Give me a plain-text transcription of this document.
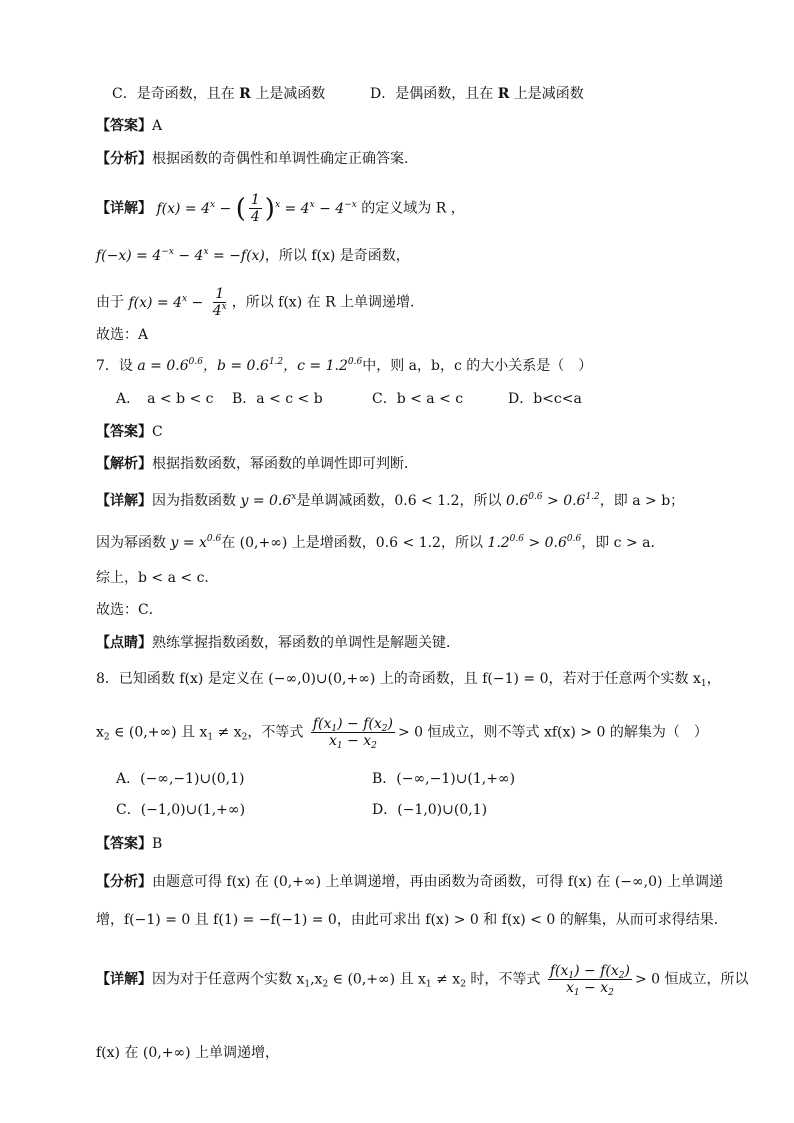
C．是奇函数，且在 R 上是减函数	D．是偶函数，且在 R 上是减函数
【答案】A
【分析】根据函数的奇偶性和单调性确定正确答案.
【详解】 $f(x) = 4^x$ − ( $\frac{1}{4} )^x = 4^x - 4^{-x}$ 的定义域为 R ，
$f(-x) = 4^{-x} - 4^x = -f(x)$，所以 f(x) 是奇函数，
由于 $f(x) = 4^x - \frac{1}{4^x}$ ，所以 f(x) 在 R 上单调递增.
故选：A
7．设 $a = 0.6^{0.6}$，$b = 0.6^{1.2}$，$c = 1.2^{0.6}$中，则 a，b，c 的大小关系是（　）
A．　a < b < c B．a < c < b	C．b < a < c	D．b<c<a
【答案】C
【解析】根据指数函数，幂函数的单调性即可判断．
【详解】因为指数函数 $y = 0.6^x$是单调减函数，0.6 < 1.2，所以 $0.6^{0.6} > 0.6^{1.2}$，即 a > b；
因为幂函数 $y = x^{0.6}$在 (0,+∞) 上是增函数，0.6 < 1.2，所以 $1.2^{0.6} > 0.6^{0.6}$，即 c > a．
综上，b < a < c．
故选：C．
【点睛】熟练掌握指数函数，幂函数的单调性是解题关键．
8．已知函数 f(x) 是定义在 (−∞,0)∪(0,+∞) 上的奇函数，且 f(−1) = 0，若对于任意两个实数 $x_1$，
$x_2$ ∈ (0,+∞) 且 $x_1 \ne x_2$，不等式 $\frac{f(x_1) - f(x_2)}{x_1 - x_2} > 0$ 恒成立，则不等式 xf(x) > 0 的解集为（　）
A．(−∞,−1)∪(0,1)	B．(−∞,−1)∪(1,+∞)
C．(−1,0)∪(1,+∞)	D．(−1,0)∪(0,1)
【答案】B
【分析】由题意可得 f(x) 在 (0,+∞) 上单调递增，再由函数为奇函数，可得 f(x) 在 (−∞,0) 上单调递
增，f(−1) = 0 且 f(1) = −f(−1) = 0，由此可求出 f(x) > 0 和 f(x) < 0 的解集，从而可求得结果．
【详解】因为对于任意两个实数 $x_1,x_2$ ∈ (0,+∞) 且 $x_1 \ne x_2$ 时，不等式 $\frac{f(x_1) - f(x_2)}{x_1 - x_2} > 0$ 恒成立，所以
f(x) 在 (0,+∞) 上单调递增，
